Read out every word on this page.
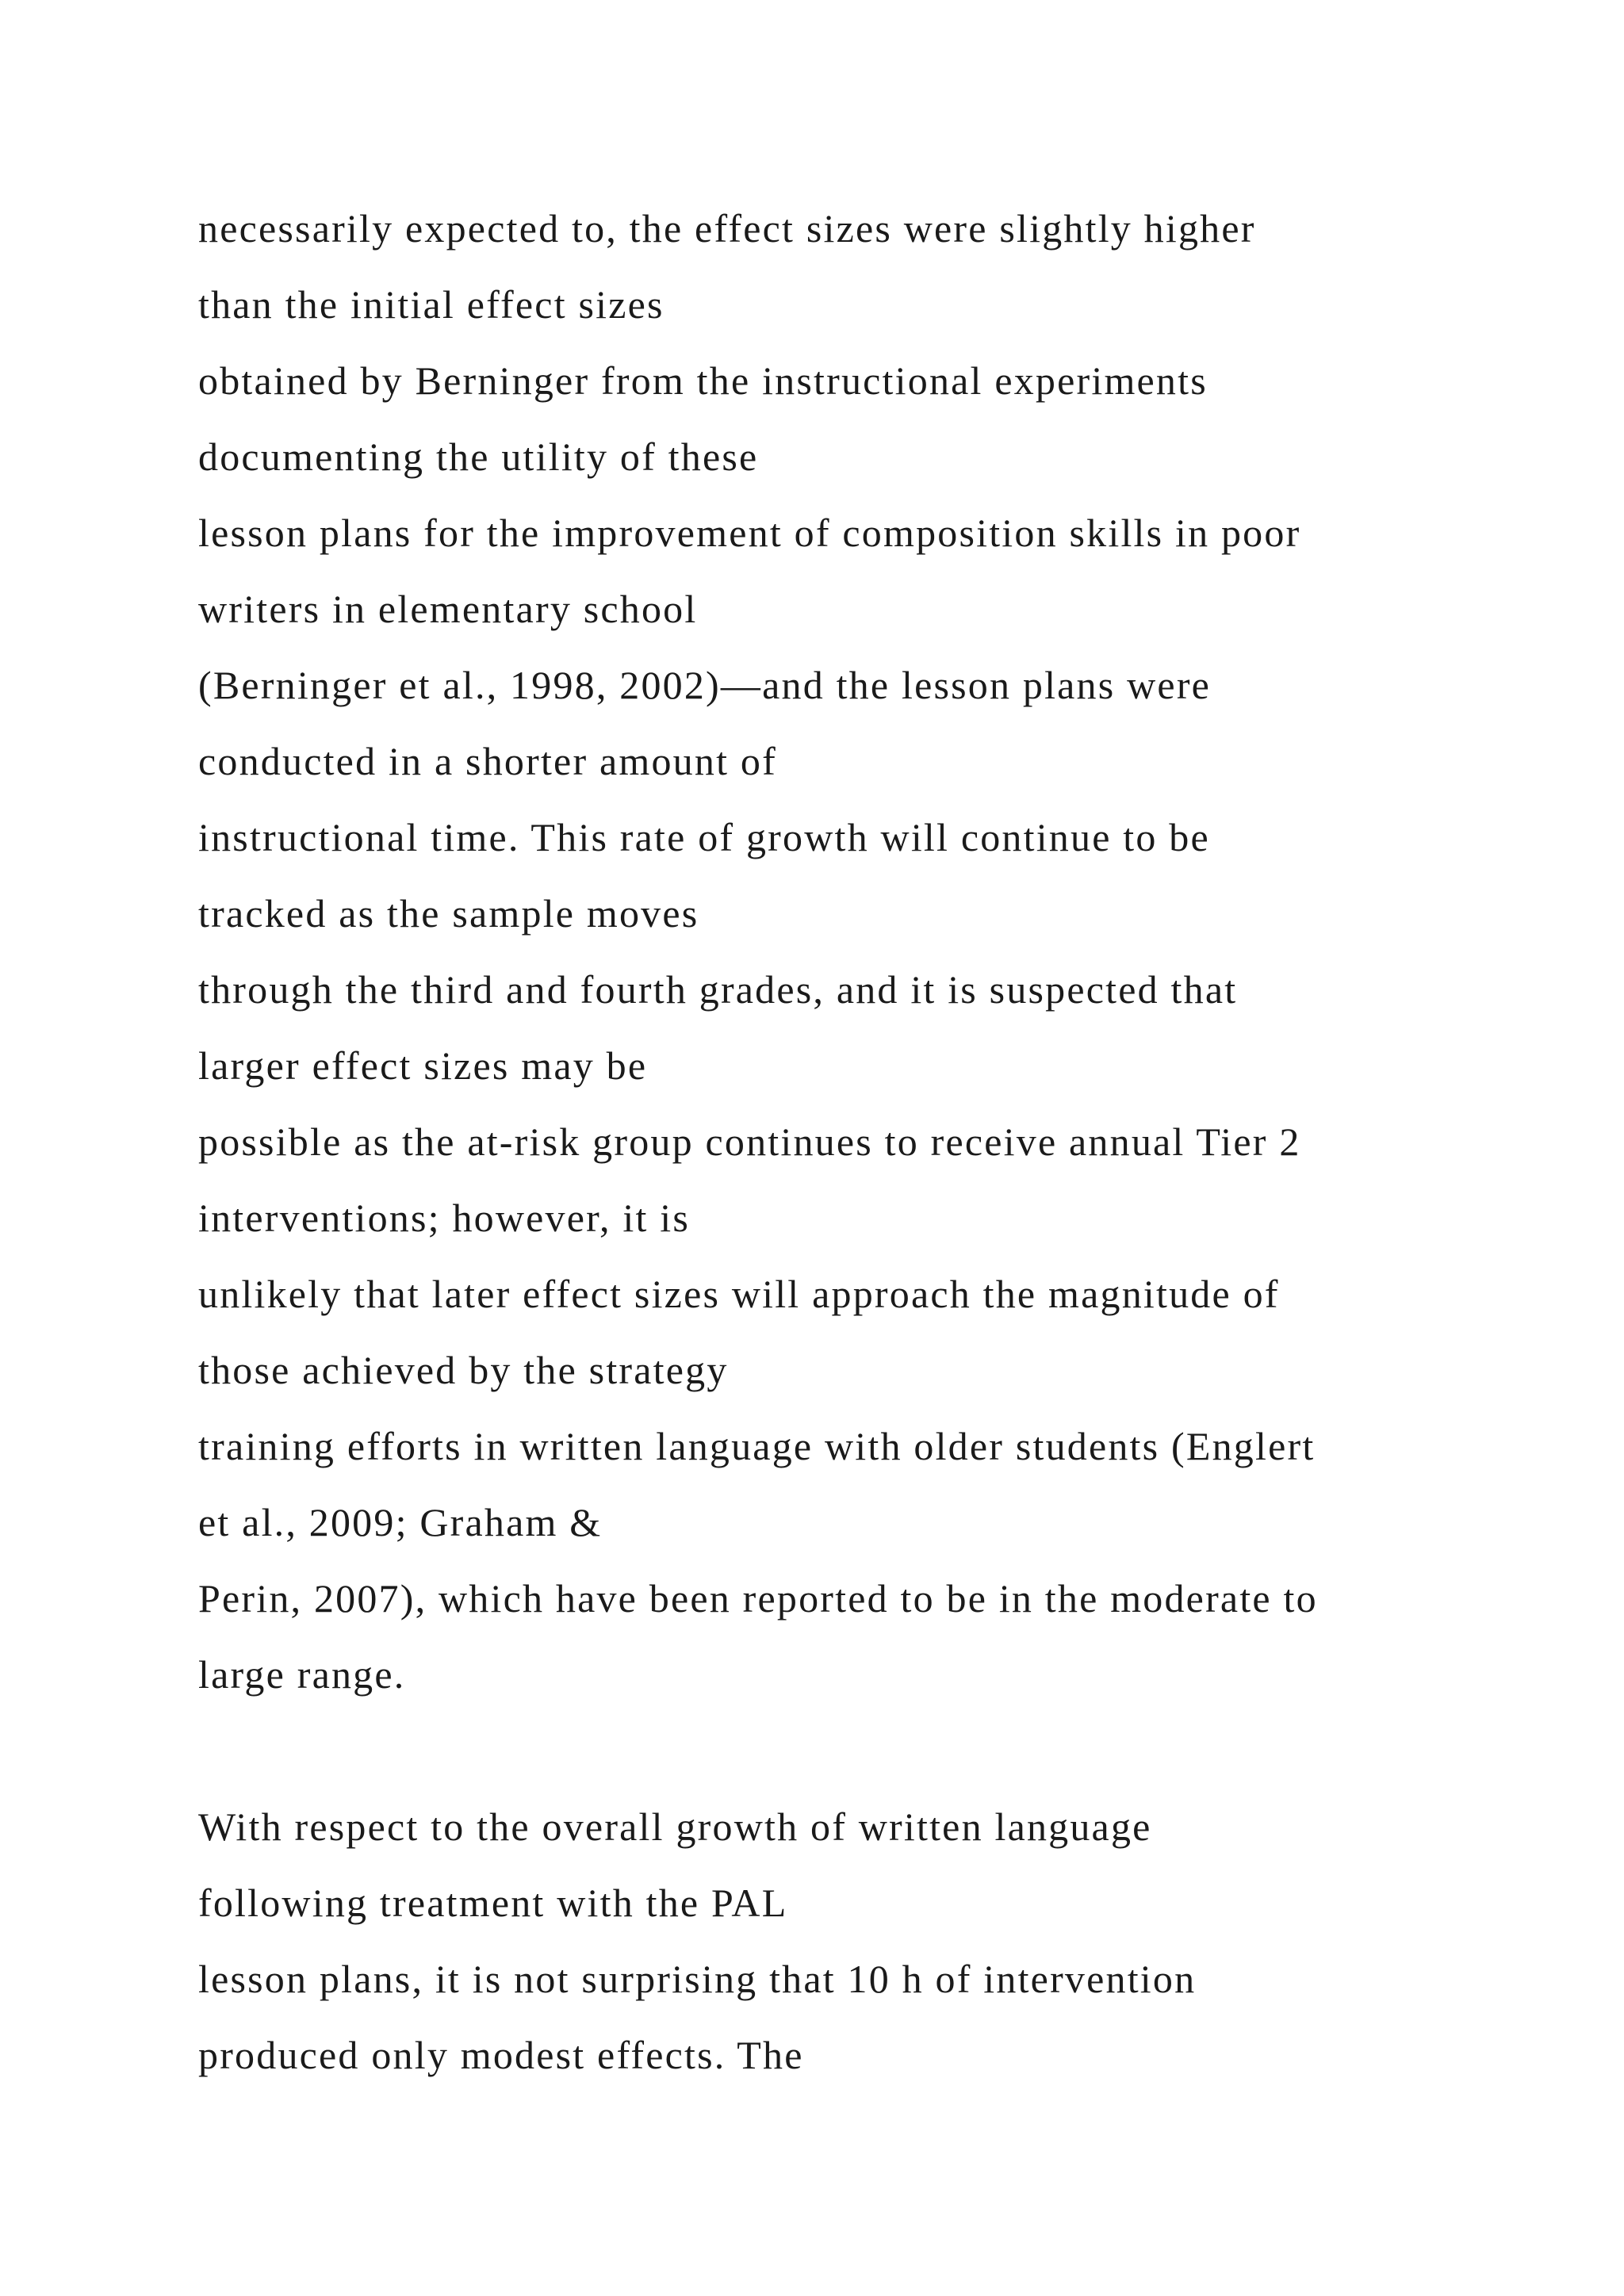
necessarily expected to, the effect sizes were slightly higher
than the initial effect sizes
obtained by Berninger from the instructional experiments
documenting the utility of these
lesson plans for the improvement of composition skills in poor
writers in elementary school
(Berninger et al., 1998, 2002)—and the lesson plans were
conducted in a shorter amount of
instructional time. This rate of growth will continue to be
tracked as the sample moves
through the third and fourth grades, and it is suspected that
larger effect sizes may be
possible as the at-risk group continues to receive annual Tier 2
interventions; however, it is
unlikely that later effect sizes will approach the magnitude of
those achieved by the strategy
training efforts in written language with older students (Englert
et al., 2009; Graham &
Perin, 2007), which have been reported to be in the moderate to
large range.
With respect to the overall growth of written language
following treatment with the PAL
lesson plans, it is not surprising that 10 h of intervention
produced only modest effects. The
